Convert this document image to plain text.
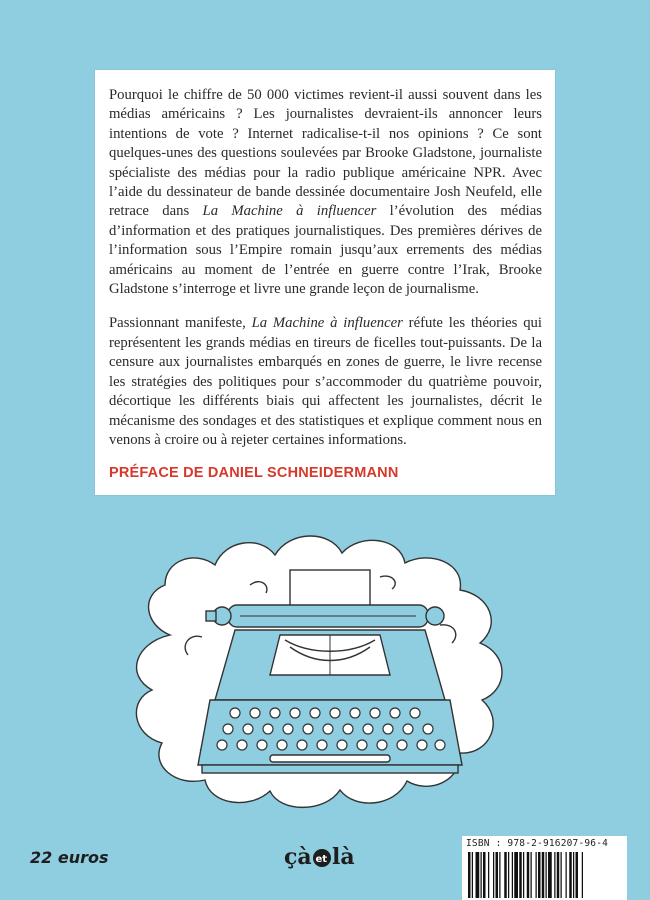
Pourquoi le chiffre de 50 000 victimes revient-il aussi souvent dans les médias américains ? Les journalistes devraient-ils annoncer leurs intentions de vote ? Internet radicalise-t-il nos opinions ? Ce sont quelques-unes des questions soulevées par Brooke Gladstone, journaliste spécialiste des médias pour la radio publique américaine NPR. Avec l’aide du dessinateur de bande dessinée documentaire Josh Neufeld, elle retrace dans La Machine à influencer l’évolution des médias d’information et des pratiques journalistiques. Des premières dérives de l’information sous l’Empire romain jusqu’aux errements des médias américains au moment de l’entrée en guerre contre l’Irak, Brooke Gladstone s’interroge et livre une grande leçon de journalisme.

Passionnant manifeste, La Machine à influencer réfute les théories qui représentent les grands médias en tireurs de ficelles tout-puissants. De la censure aux journalistes embarqués en zones de guerre, le livre recense les stratégies des politiques pour s’accommoder du quatrième pouvoir, décortique les différents biais qui affectent les journalistes, décrit le mécanisme des sondages et des statistiques et explique comment nous en venons à croire ou à rejeter certaines informations.

PRÉFACE DE DANIEL SCHNEIDERMANN
22 euros	çà et là
ISBN : 978-2-916207-96-4
